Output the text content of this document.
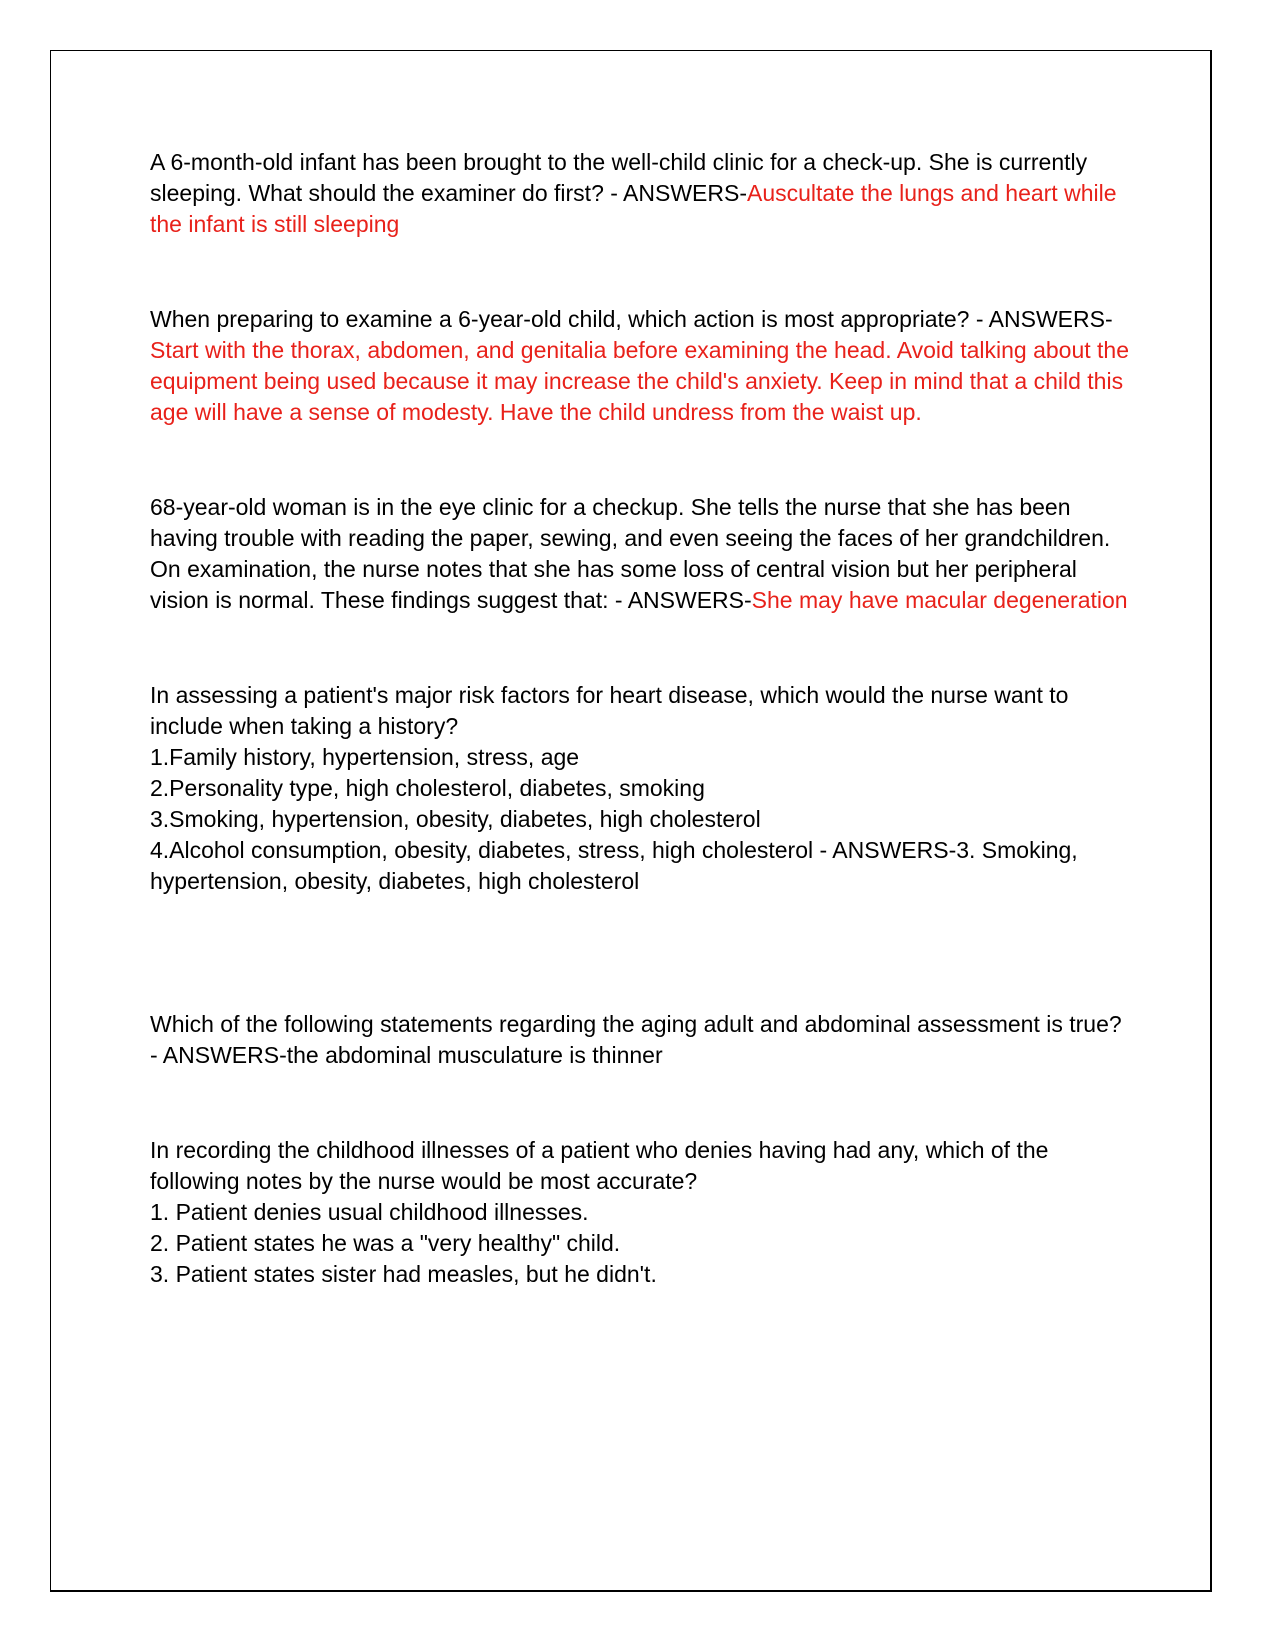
A 6-month-old infant has been brought to the well-child clinic for a check-up. She is currently sleeping. What should the examiner do first? - ANSWERS-Auscultate the lungs and heart while the infant is still sleeping

When preparing to examine a 6-year-old child, which action is most appropriate? - ANSWERS-Start with the thorax, abdomen, and genitalia before examining the head. Avoid talking about the equipment being used because it may increase the child's anxiety. Keep in mind that a child this age will have a sense of modesty. Have the child undress from the waist up.

68-year-old woman is in the eye clinic for a checkup. She tells the nurse that she has been having trouble with reading the paper, sewing, and even seeing the faces of her grandchildren. On examination, the nurse notes that she has some loss of central vision but her peripheral vision is normal. These findings suggest that: - ANSWERS-She may have macular degeneration

In assessing a patient's major risk factors for heart disease, which would the nurse want to include when taking a history?

1.Family history, hypertension, stress, age

2.Personality type, high cholesterol, diabetes, smoking

3.Smoking, hypertension, obesity, diabetes, high cholesterol

4.Alcohol consumption, obesity, diabetes, stress, high cholesterol - ANSWERS-3. Smoking, hypertension, obesity, diabetes, high cholesterol

Which of the following statements regarding the aging adult and abdominal assessment is true? - ANSWERS-the abdominal musculature is thinner

In recording the childhood illnesses of a patient who denies having had any, which of the following notes by the nurse would be most accurate?

1. Patient denies usual childhood illnesses.

2. Patient states he was a "very healthy" child.

3. Patient states sister had measles, but he didn't.
